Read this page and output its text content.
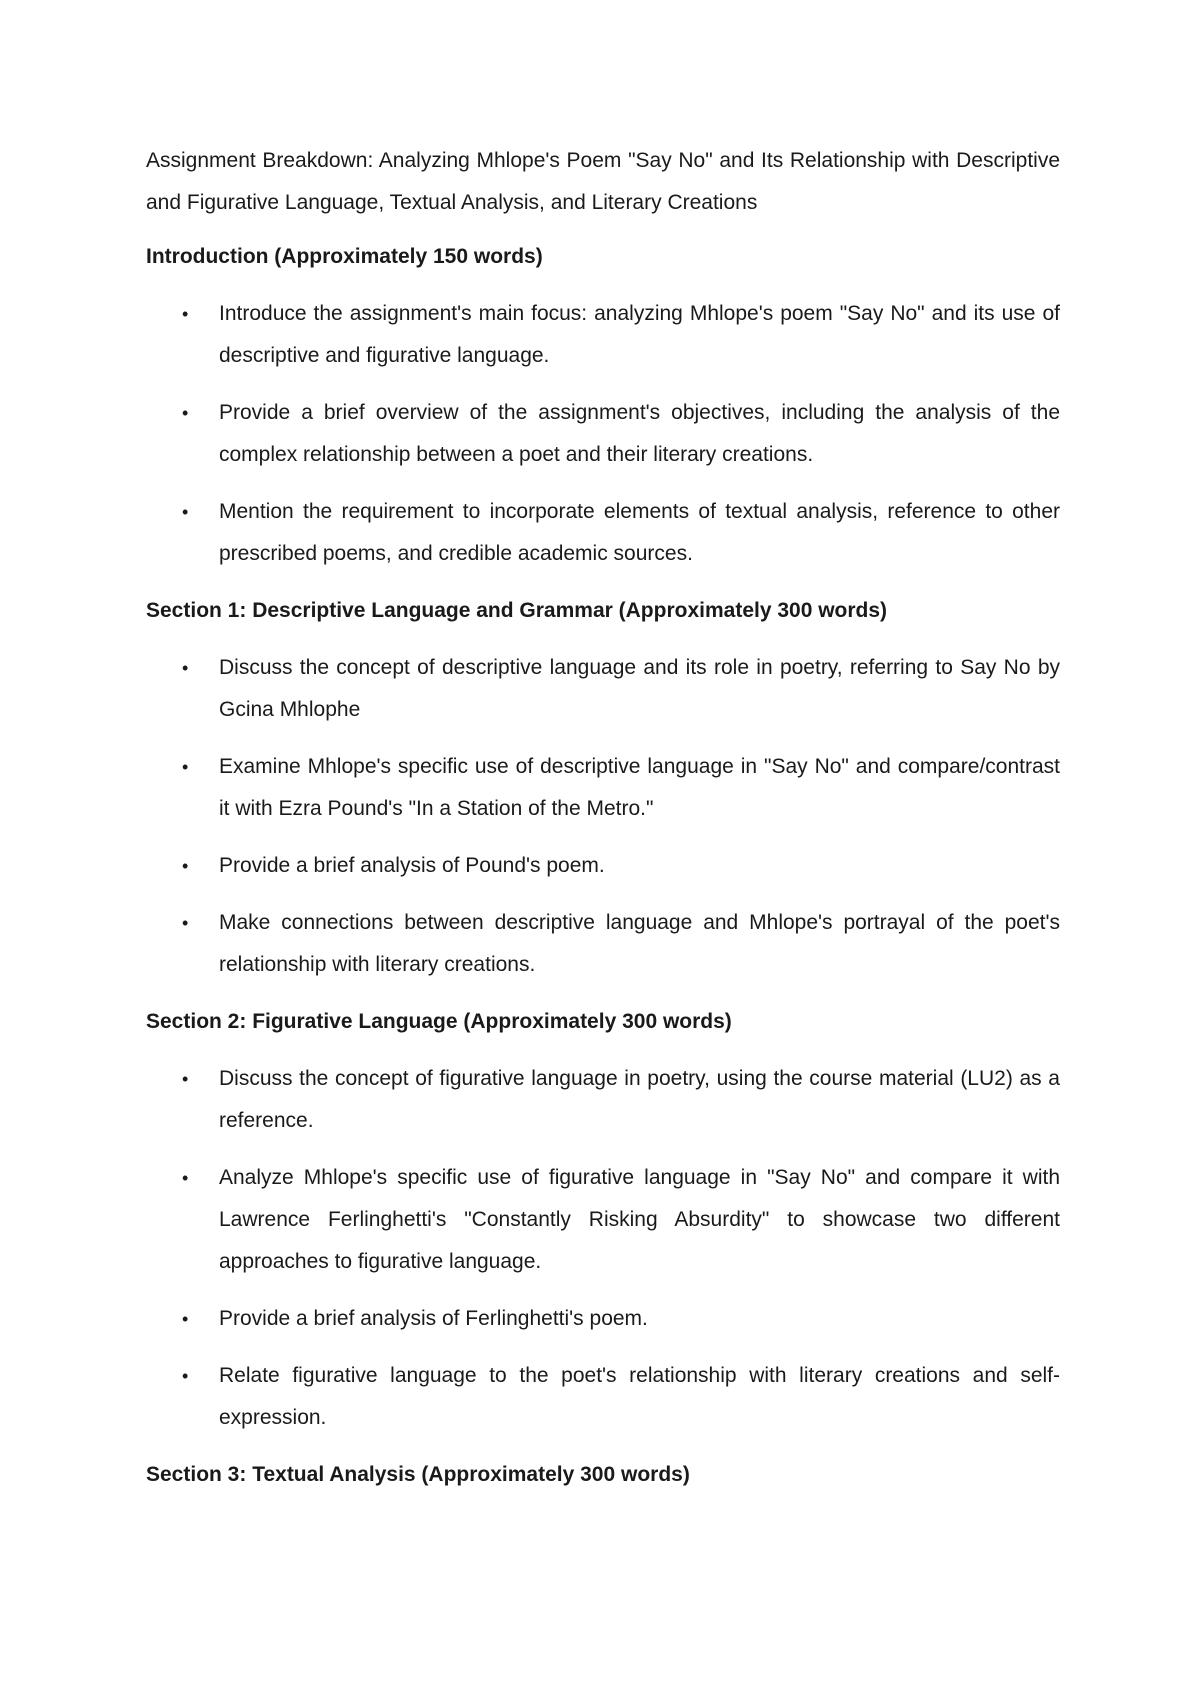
Assignment Breakdown: Analyzing Mhlope's Poem "Say No" and Its Relationship with Descriptive and Figurative Language, Textual Analysis, and Literary Creations

Introduction (Approximately 150 words)

•	Introduce the assignment's main focus: analyzing Mhlope's poem "Say No" and its use of descriptive and figurative language.
•	Provide a brief overview of the assignment's objectives, including the analysis of the complex relationship between a poet and their literary creations.
•	Mention the requirement to incorporate elements of textual analysis, reference to other prescribed poems, and credible academic sources.

Section 1: Descriptive Language and Grammar (Approximately 300 words)

•	Discuss the concept of descriptive language and its role in poetry, referring to Say No by Gcina Mhlophe
•	Examine Mhlope's specific use of descriptive language in "Say No" and compare/contrast it with Ezra Pound's "In a Station of the Metro."
•	Provide a brief analysis of Pound's poem.
•	Make connections between descriptive language and Mhlope's portrayal of the poet's relationship with literary creations.

Section 2: Figurative Language (Approximately 300 words)

•	Discuss the concept of figurative language in poetry, using the course material (LU2) as a reference.
•	Analyze Mhlope's specific use of figurative language in "Say No" and compare it with Lawrence Ferlinghetti's "Constantly Risking Absurdity" to showcase two different approaches to figurative language.
•	Provide a brief analysis of Ferlinghetti's poem.
•	Relate figurative language to the poet's relationship with literary creations and self-expression.

Section 3: Textual Analysis (Approximately 300 words)
